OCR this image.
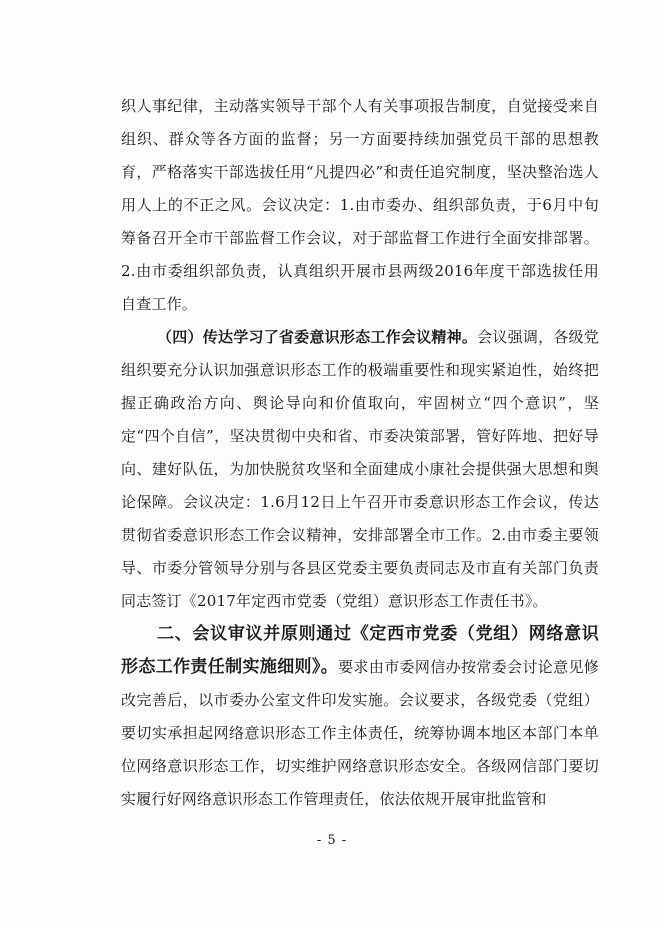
织人事纪律，主动落实领导干部个人有关事项报告制度，自觉接受来自组织、群众等各方面的监督；另一方面要持续加强党员干部的思想教育，严格落实干部选拔任用“凡提四必”和责任追究制度，坚决整治选人用人上的不正之风。会议决定：1.由市委办、组织部负责，于6月中旬筹备召开全市干部监督工作会议，对于部监督工作进行全面安排部署。2.由市委组织部负责，认真组织开展市县两级2016年度干部选拔任用自查工作。

（四）传达学习了省委意识形态工作会议精神。会议强调，各级党组织要充分认识加强意识形态工作的极端重要性和现实紧迫性，始终把握正确政治方向、舆论导向和价值取向，牢固树立“四个意识”，坚定“四个自信”，坚决贯彻中央和省、市委决策部署，管好阵地、把好导向、建好队伍，为加快脱贫攻坚和全面建成小康社会提供强大思想和舆论保障。会议决定：1.6月12日上午召开市委意识形态工作会议，传达贯彻省委意识形态工作会议精神，安排部署全市工作。2.由市委主要领导、市委分管领导分别与各县区党委主要负责同志及市直有关部门负责同志签订《2017年定西市党委（党组）意识形态工作责任书》。

二、会议审议并原则通过《定西市党委（党组）网络意识形态工作责任制实施细则》。要求由市委网信办按常委会讨论意见修改完善后，以市委办公室文件印发实施。会议要求，各级党委（党组）要切实承担起网络意识形态工作主体责任，统筹协调本地区本部门本单位网络意识形态工作，切实维护网络意识形态安全。各级网信部门要切实履行好网络意识形态工作管理责任，依法依规开展审批监管和

- 5 -
